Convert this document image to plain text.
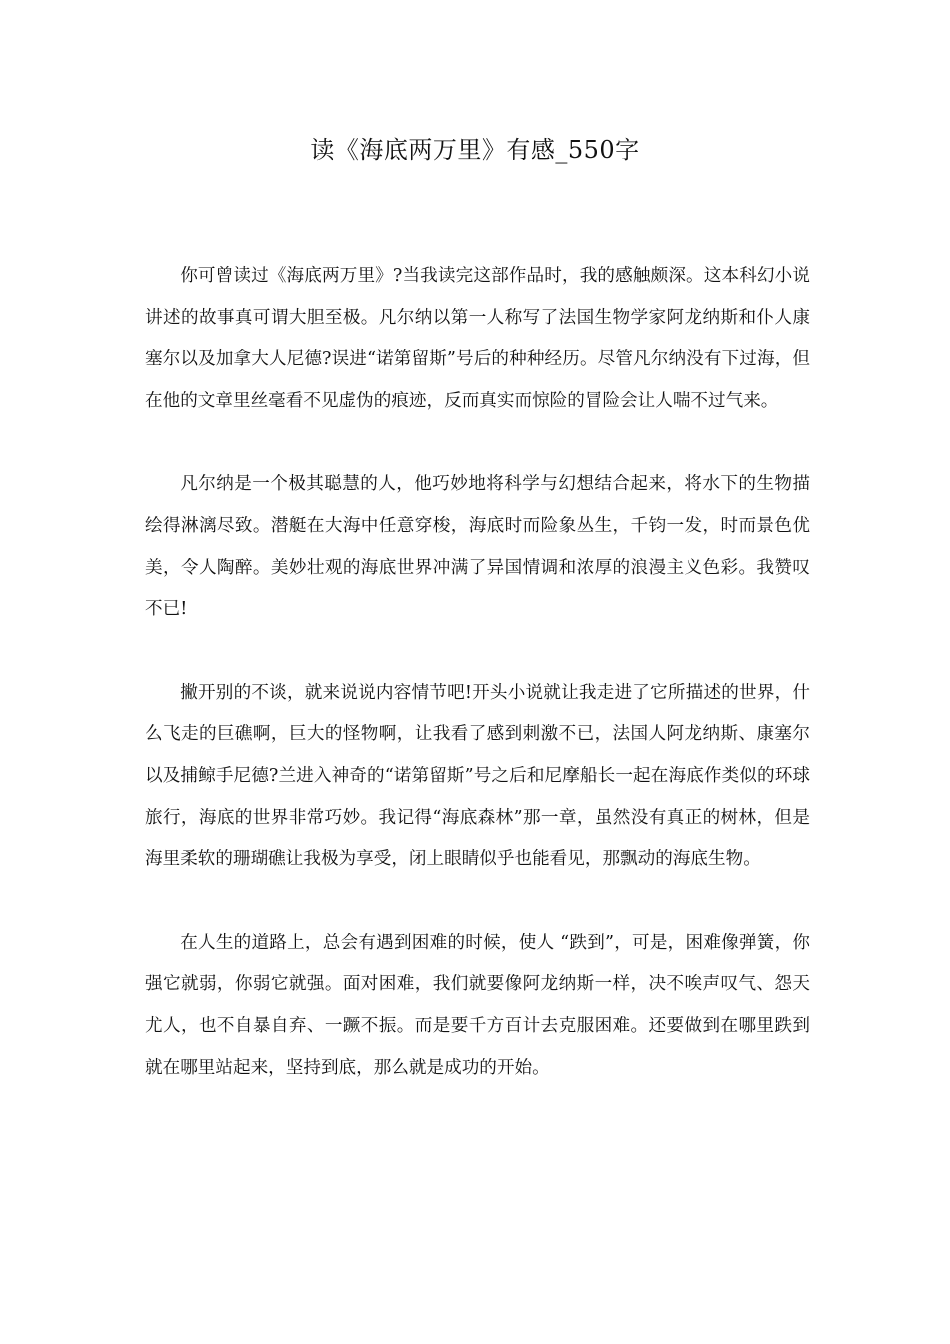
读《海底两万里》有感_550字

你可曾读过《海底两万里》?当我读完这部作品时，我的感触颇深。这本科幻小说讲述的故事真可谓大胆至极。凡尔纳以第一人称写了法国生物学家阿龙纳斯和仆人康塞尔以及加拿大人尼德?误进“诺第留斯”号后的种种经历。尽管凡尔纳没有下过海，但在他的文章里丝毫看不见虚伪的痕迹，反而真实而惊险的冒险会让人喘不过气来。

凡尔纳是一个极其聪慧的人，他巧妙地将科学与幻想结合起来，将水下的生物描绘得淋漓尽致。潜艇在大海中任意穿梭，海底时而险象丛生，千钧一发，时而景色优美，令人陶醉。美妙壮观的海底世界冲满了异国情调和浓厚的浪漫主义色彩。我赞叹不已!

撇开别的不谈，就来说说内容情节吧!开头小说就让我走进了它所描述的世界，什么飞走的巨礁啊，巨大的怪物啊，让我看了感到刺激不已，法国人阿龙纳斯、康塞尔以及捕鲸手尼德?兰进入神奇的“诺第留斯”号之后和尼摩船长一起在海底作类似的环球旅行，海底的世界非常巧妙。我记得“海底森林”那一章，虽然没有真正的树林，但是海里柔软的珊瑚礁让我极为享受，闭上眼睛似乎也能看见，那飘动的海底生物。

在人生的道路上，总会有遇到困难的时候，使人 “跌到”，可是，困难像弹簧，你强它就弱，你弱它就强。面对困难，我们就要像阿龙纳斯一样，决不唉声叹气、怨天尤人，也不自暴自弃、一蹶不振。而是要千方百计去克服困难。还要做到在哪里跌到就在哪里站起来，坚持到底，那么就是成功的开始。
